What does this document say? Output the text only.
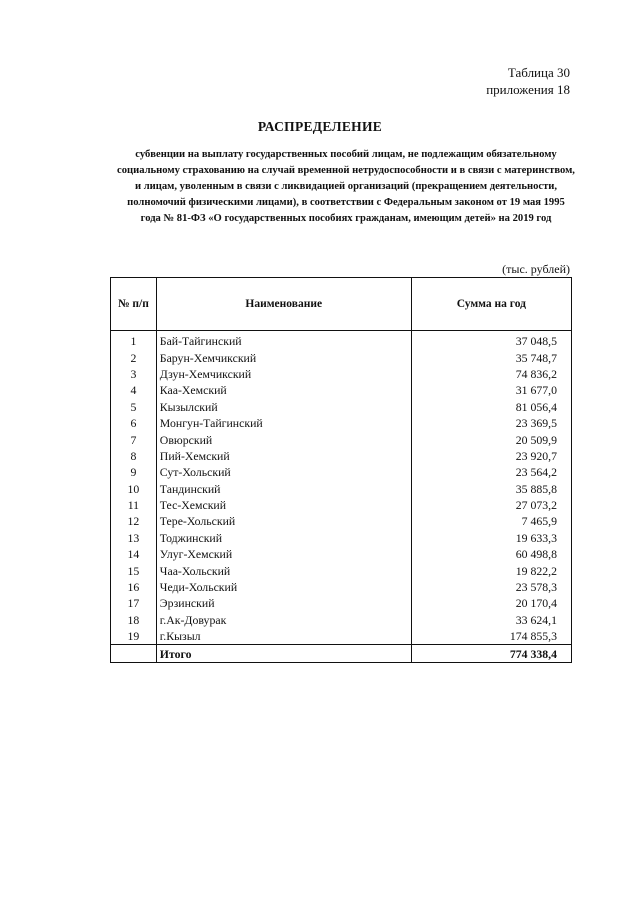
Таблица 30
приложения 18
РАСПРЕДЕЛЕНИЕ
субвенции на выплату государственных пособий лицам, не подлежащим обязательному социальному страхованию на случай временной нетрудоспособности и в связи с материнством, и лицам, уволенным в связи с ликвидацией организаций (прекращением деятельности, полномочий физическими лицами), в соответствии с Федеральным законом от 19 мая 1995 года № 81-ФЗ «О государственных пособиях гражданам, имеющим детей» на 2019 год
(тыс. рублей)
№ п/п	Наименование	Сумма на год
1	Бай-Тайгинский	37 048,5
2	Барун-Хемчикский	35 748,7
3	Дзун-Хемчикский	74 836,2
4	Каа-Хемский	31 677,0
5	Кызылский	81 056,4
6	Монгун-Тайгинский	23 369,5
7	Овюрский	20 509,9
8	Пий-Хемский	23 920,7
9	Сут-Хольский	23 564,2
10	Тандинский	35 885,8
11	Тес-Хемский	27 073,2
12	Тере-Хольский	7 465,9
13	Тоджинский	19 633,3
14	Улуг-Хемский	60 498,8
15	Чаа-Хольский	19 822,2
16	Чеди-Хольский	23 578,3
17	Эрзинский	20 170,4
18	г.Ак-Довурак	33 624,1
19	г.Кызыл	174 855,3
	Итого	774 338,4
